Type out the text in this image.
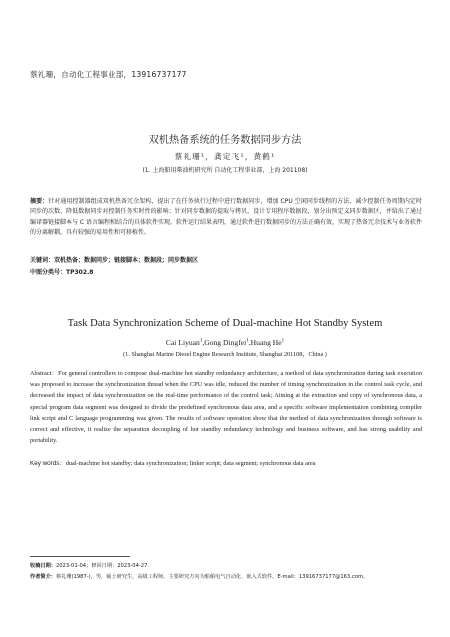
蔡礼珊，自动化工程事业部，13916737177
双机热备系统的任务数据同步方法
蔡礼珊¹，龚定飞¹，黄鹤¹
(1. 上海船用柴油机研究所 自动化工程事业部，上海 201108)
摘要：针对通用控制器组成双机热备冗余架构，提出了在任务执行过程中进行数据同步，增加 CPU 空闲同步线程的方法，减少控制任务周期内定时同步的次数，降低数据同步对控制任务实时性的影响；针对同步数据的提取与拷贝，设计专用程序数据段，划分出预定义同步数据区，并给出了通过编译器链接脚本与 C 语言编程相结合的具体软件实现。软件运行结果表明，通过软件进行数据同步的方法正确有效，实现了热备冗余技术与业务软件的分离解耦，具有较强的易用性和可移植性。
关键词：双机热备；数据同步；链接脚本；数据段；同步数据区
中图分类号：TP302.8
Task Data Synchronization Scheme of Dual-machine Hot Standby System
Cai Liyuan$^1$,Gong Dingfei$^1$,Huang He$^1$
(1. Shanghai Marine Diesel Engine Research Institute, Shanghai 201108，China )
Abstract：For general controllers to compose dual-machine hot standby redundancy architecture, a method of data synchronization during task execution was proposed to increase the synchronization thread when the CPU was idle, reduced the number of timing synchronization in the control task cycle, and decreased the impact of data synchronization on the real-time performance of the control task; Aiming at the extraction and copy of synchronous data, a special program data segment was designed to divide the predefined synchronous data area, and a specific software implementation combining compiler link script and C language programming was given. The results of software operation show that the method of data synchronization through software is correct and effective, it realize the separation decoupling of hot standby redundancy technology and business software, and has strong usability and portability.
Key words：dual-machine hot standby; data synchronization; linker script; data segment; synchronous data area
收稿日期：2023-01-04；修回日期：2023-04-27.
作者简介：蔡礼珊(1987-)，男，硕士研究生，高级工程师。主要研究方向为船舶电气自动化、嵌入式软件。E-mail：13916737177@163.com。
